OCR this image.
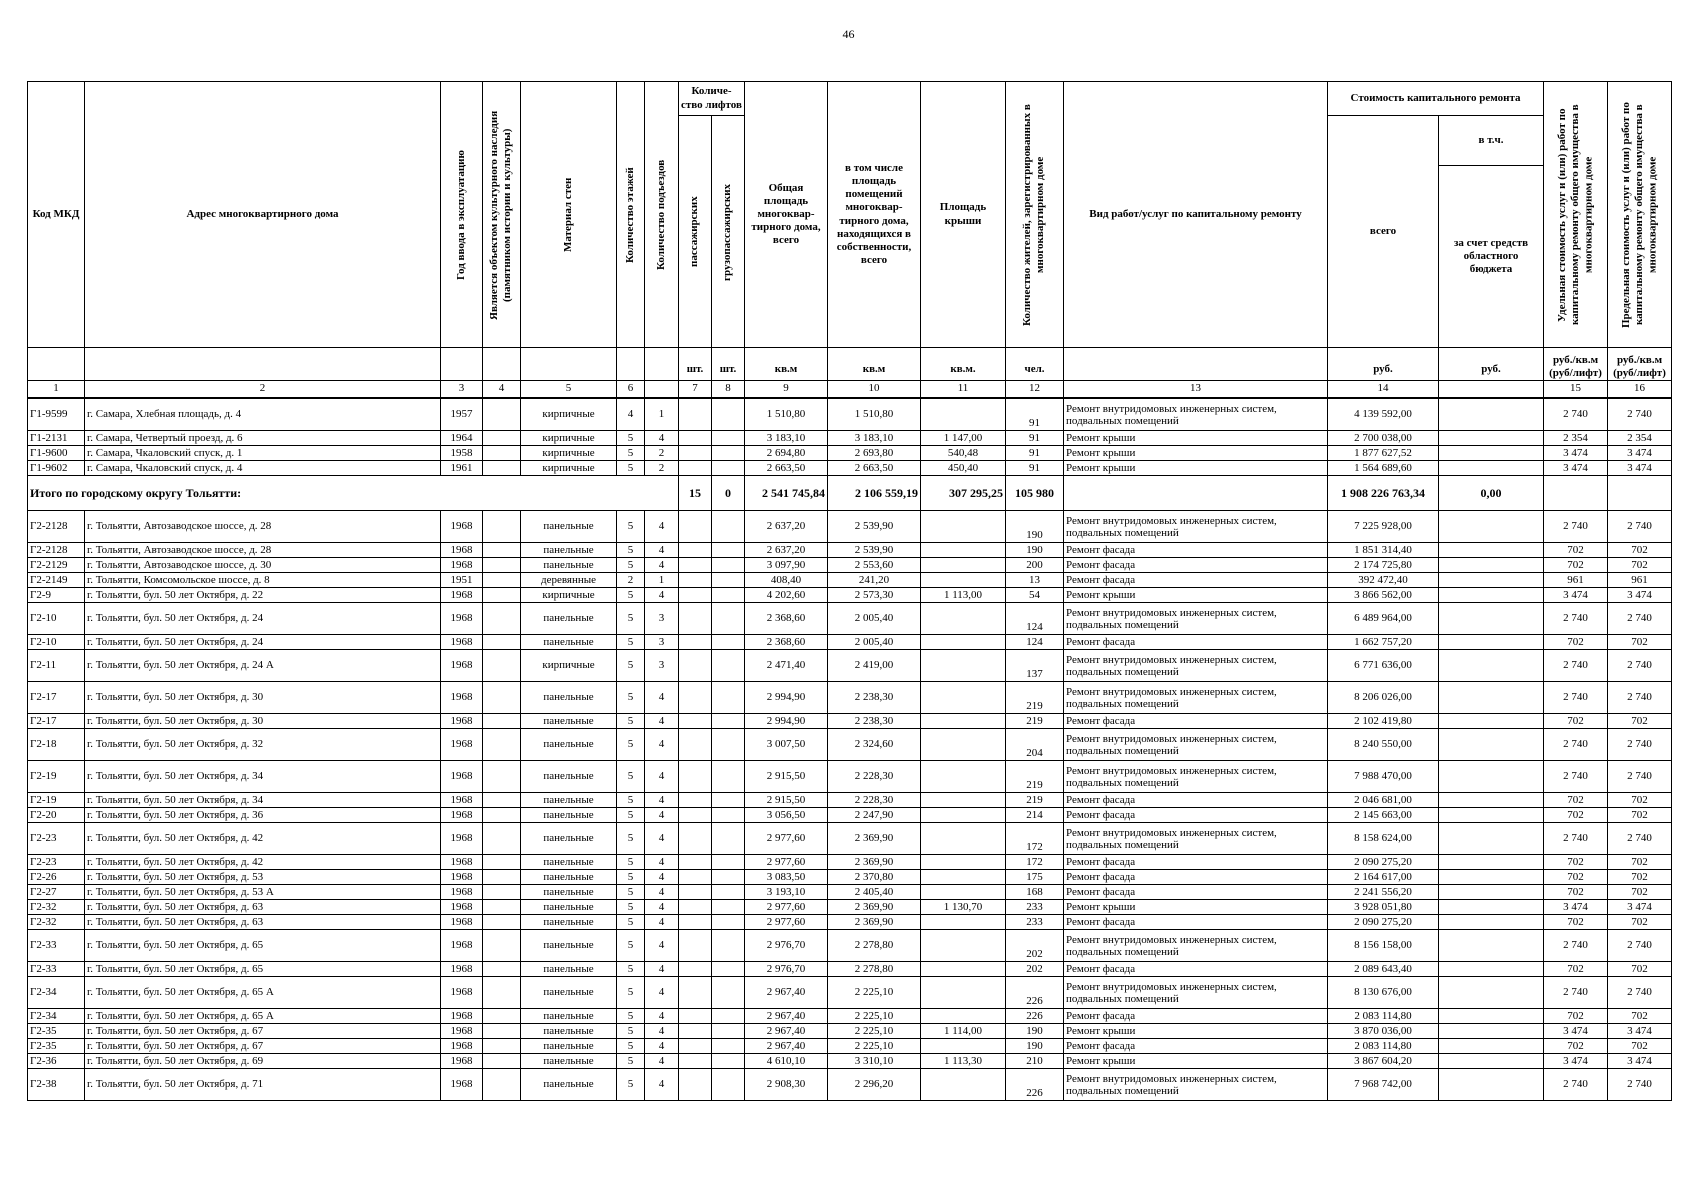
46
Код МКД	Адрес многоквартирного дома	Год ввода в эксплуатацию	Является объектом культурного наследия (памятником истории и культуры)	Материал стен	Количество этажей	Количество подъездов	Количе-ство лифтов		Общая площадь многоквар-тирного дома, всего	в том числе площадь помещений многоквар-тирного дома, находящихся в собственности, всего	Площадь крыши	Количество жителей, зарегистрированных в многоквартирном доме	Вид работ/услуг по капитальному ремонту	Стоимость капитального ремонта		Удельная стоимость услуг и (или) работ по капитальному ремонту общего имущества в многоквартирном доме	Предельная стоимость услуг и (или) работ по капитальному ремонту общего имущества в многоквартирном доме

							пассажирских	грузопассажирских						всего	в т.ч.		
															за счет средств областного бюджета		
							шт.	шт.	кв.м	кв.м	кв.м.	чел.		руб.	руб.	руб./кв.м (руб/лифт)	руб./кв.м (руб/лифт)
1	2	3	4	5	6		7	8	9	10	11	12	13	14		15	16
Г1-9599	г. Самара, Хлебная площадь, д. 4	1957		кирпичные	4	1			1 510,80	1 510,80		91	Ремонт внутридомовых инженерных систем, подвальных помещений	4 139 592,00		2 740	2 740
Г1-2131	г. Самара, Четвертый проезд, д. 6	1964		кирпичные	5	4			3 183,10	3 183,10	1 147,00	91	Ремонт крыши	2 700 038,00		2 354	2 354
Г1-9600	г. Самара, Чкаловский спуск, д. 1	1958		кирпичные	5	2			2 694,80	2 693,80	540,48	91	Ремонт крыши	1 877 627,52		3 474	3 474
Г1-9602	г. Самара, Чкаловский спуск, д. 4	1961		кирпичные	5	2			2 663,50	2 663,50	450,40	91	Ремонт крыши	1 564 689,60		3 474	3 474
Итого по городскому округу Тольятти:							15	0	2 541 745,84	2 106 559,19	307 295,25	105 980		1 908 226 763,34	0,00		
Г2-2128	г. Тольятти, Автозаводское шоссе, д. 28	1968		панельные	5	4			2 637,20	2 539,90		190	Ремонт внутридомовых инженерных систем, подвальных помещений	7 225 928,00		2 740	2 740
Г2-2128	г. Тольятти, Автозаводское шоссе, д. 28	1968		панельные	5	4			2 637,20	2 539,90		190	Ремонт фасада	1 851 314,40		702	702
Г2-2129	г. Тольятти, Автозаводское шоссе, д. 30	1968		панельные	5	4			3 097,90	2 553,60		200	Ремонт фасада	2 174 725,80		702	702
Г2-2149	г. Тольятти, Комсомольское шоссе, д. 8	1951		деревянные	2	1			408,40	241,20		13	Ремонт фасада	392 472,40		961	961
Г2-9	г. Тольятти, бул. 50 лет Октября, д. 22	1968		кирпичные	5	4			4 202,60	2 573,30	1 113,00	54	Ремонт крыши	3 866 562,00		3 474	3 474
Г2-10	г. Тольятти, бул. 50 лет Октября, д. 24	1968		панельные	5	3			2 368,60	2 005,40		124	Ремонт внутридомовых инженерных систем, подвальных помещений	6 489 964,00		2 740	2 740
Г2-10	г. Тольятти, бул. 50 лет Октября, д. 24	1968		панельные	5	3			2 368,60	2 005,40		124	Ремонт фасада	1 662 757,20		702	702
Г2-11	г. Тольятти, бул. 50 лет Октября, д. 24 А	1968		кирпичные	5	3			2 471,40	2 419,00		137	Ремонт внутридомовых инженерных систем, подвальных помещений	6 771 636,00		2 740	2 740
Г2-17	г. Тольятти, бул. 50 лет Октября, д. 30	1968		панельные	5	4			2 994,90	2 238,30		219	Ремонт внутридомовых инженерных систем, подвальных помещений	8 206 026,00		2 740	2 740
Г2-17	г. Тольятти, бул. 50 лет Октября, д. 30	1968		панельные	5	4			2 994,90	2 238,30		219	Ремонт фасада	2 102 419,80		702	702
Г2-18	г. Тольятти, бул. 50 лет Октября, д. 32	1968		панельные	5	4			3 007,50	2 324,60		204	Ремонт внутридомовых инженерных систем, подвальных помещений	8 240 550,00		2 740	2 740
Г2-19	г. Тольятти, бул. 50 лет Октября, д. 34	1968		панельные	5	4			2 915,50	2 228,30		219	Ремонт внутридомовых инженерных систем, подвальных помещений	7 988 470,00		2 740	2 740
Г2-19	г. Тольятти, бул. 50 лет Октября, д. 34	1968		панельные	5	4			2 915,50	2 228,30		219	Ремонт фасада	2 046 681,00		702	702
Г2-20	г. Тольятти, бул. 50 лет Октября, д. 36	1968		панельные	5	4			3 056,50	2 247,90		214	Ремонт фасада	2 145 663,00		702	702
Г2-23	г. Тольятти, бул. 50 лет Октября, д. 42	1968		панельные	5	4			2 977,60	2 369,90		172	Ремонт внутридомовых инженерных систем, подвальных помещений	8 158 624,00		2 740	2 740
Г2-23	г. Тольятти, бул. 50 лет Октября, д. 42	1968		панельные	5	4			2 977,60	2 369,90		172	Ремонт фасада	2 090 275,20		702	702
Г2-26	г. Тольятти, бул. 50 лет Октября, д. 53	1968		панельные	5	4			3 083,50	2 370,80		175	Ремонт фасада	2 164 617,00		702	702
Г2-27	г. Тольятти, бул. 50 лет Октября, д. 53 А	1968		панельные	5	4			3 193,10	2 405,40		168	Ремонт фасада	2 241 556,20		702	702
Г2-32	г. Тольятти, бул. 50 лет Октября, д. 63	1968		панельные	5	4			2 977,60	2 369,90	1 130,70	233	Ремонт крыши	3 928 051,80		3 474	3 474
Г2-32	г. Тольятти, бул. 50 лет Октября, д. 63	1968		панельные	5	4			2 977,60	2 369,90		233	Ремонт фасада	2 090 275,20		702	702
Г2-33	г. Тольятти, бул. 50 лет Октября, д. 65	1968		панельные	5	4			2 976,70	2 278,80		202	Ремонт внутридомовых инженерных систем, подвальных помещений	8 156 158,00		2 740	2 740
Г2-33	г. Тольятти, бул. 50 лет Октября, д. 65	1968		панельные	5	4			2 976,70	2 278,80		202	Ремонт фасада	2 089 643,40		702	702
Г2-34	г. Тольятти, бул. 50 лет Октября, д. 65 А	1968		панельные	5	4			2 967,40	2 225,10		226	Ремонт внутридомовых инженерных систем, подвальных помещений	8 130 676,00		2 740	2 740
Г2-34	г. Тольятти, бул. 50 лет Октября, д. 65 А	1968		панельные	5	4			2 967,40	2 225,10		226	Ремонт фасада	2 083 114,80		702	702
Г2-35	г. Тольятти, бул. 50 лет Октября, д. 67	1968		панельные	5	4			2 967,40	2 225,10	1 114,00	190	Ремонт крыши	3 870 036,00		3 474	3 474
Г2-35	г. Тольятти, бул. 50 лет Октября, д. 67	1968		панельные	5	4			2 967,40	2 225,10		190	Ремонт фасада	2 083 114,80		702	702
Г2-36	г. Тольятти, бул. 50 лет Октября, д. 69	1968		панельные	5	4			4 610,10	3 310,10	1 113,30	210	Ремонт крыши	3 867 604,20		3 474	3 474
Г2-38	г. Тольятти, бул. 50 лет Октября, д. 71	1968		панельные	5	4			2 908,30	2 296,20		226	Ремонт внутридомовых инженерных систем, подвальных помещений	7 968 742,00		2 740	2 740
